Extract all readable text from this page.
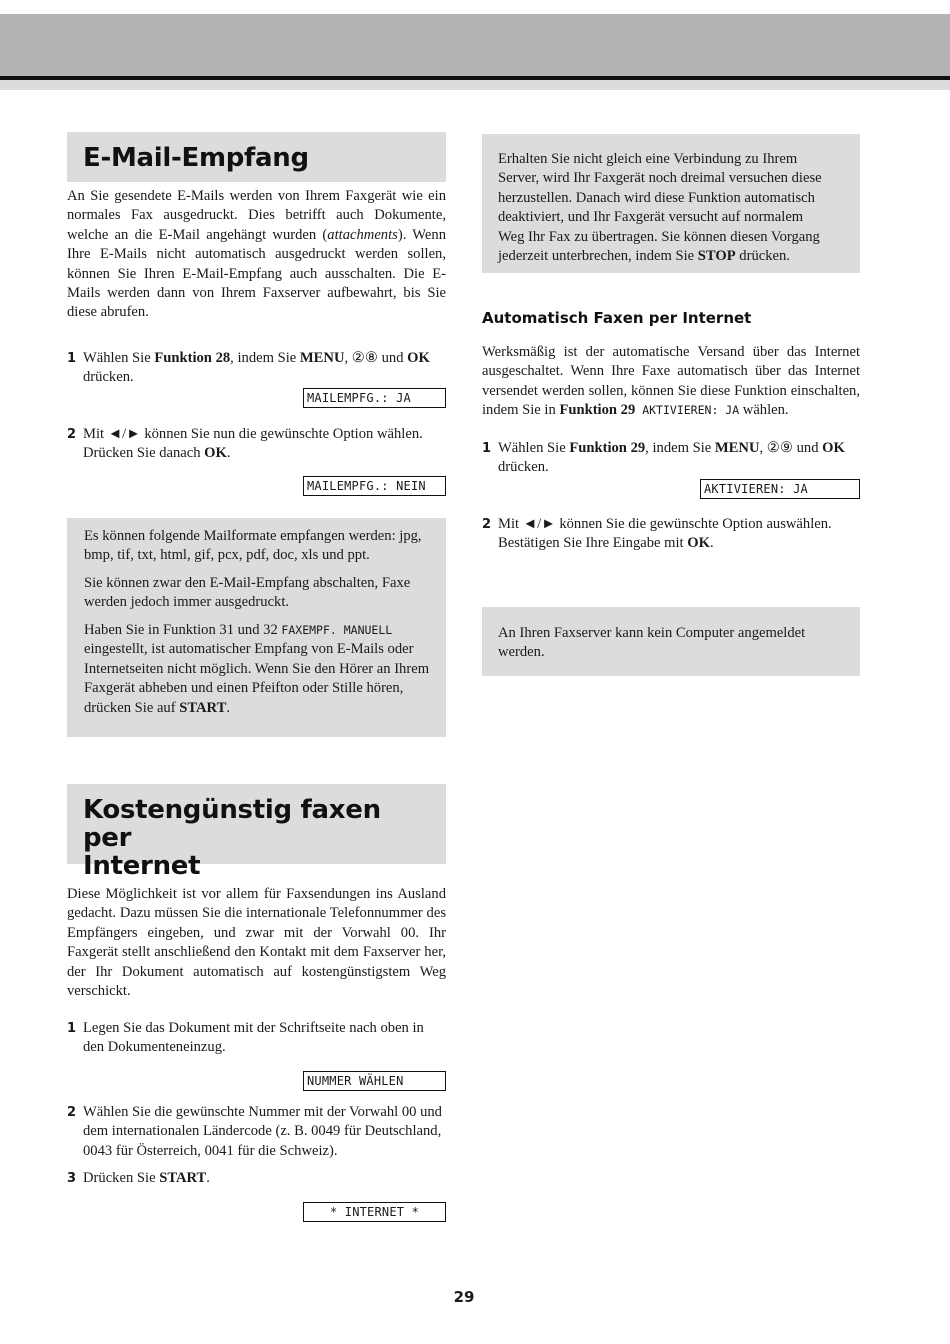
E-Mail-Empfang

An Sie gesendete E-Mails werden von Ihrem Faxgerät wie ein normales Fax ausgedruckt. Dies betrifft auch Dokumente, welche an die E-Mail angehängt wurden (attachments). Wenn Ihre E-Mails nicht automatisch ausgedruckt werden sollen, können Sie Ihren E-Mail-Empfang auch ausschalten. Die E-Mails werden dann von Ihrem Faxserver aufbewahrt, bis Sie diese abrufen.

1 Wählen Sie Funktion 28, indem Sie MENU, ②⑧ und OK drücken.
MAILEMPFG.: JA
2 Mit ◄/► können Sie nun die gewünschte Option wählen. Drücken Sie danach OK.
MAILEMPFG.: NEIN

Es können folgende Mailformate empfangen werden: jpg, bmp, tif, txt, html, gif, pcx, pdf, doc, xls und ppt.

Sie können zwar den E-Mail-Empfang abschalten, Faxe werden jedoch immer ausgedruckt.

Haben Sie in Funktion 31 und 32 FAXEMPF. MANUELL eingestellt, ist automatischer Empfang von E-Mails oder Internetseiten nicht möglich. Wenn Sie den Hörer an Ihrem Faxgerät abheben und einen Pfeifton oder Stille hören, drücken Sie auf START.

Kostengünstig faxen per
Internet

Diese Möglichkeit ist vor allem für Faxsendungen ins Ausland gedacht. Dazu müssen Sie die internationale Telefonnummer des Empfängers eingeben, und zwar mit der Vorwahl 00. Ihr Faxgerät stellt anschließend den Kontakt mit dem Faxserver her, der Ihr Dokument automatisch auf kostengünstigstem Weg verschickt.

1 Legen Sie das Dokument mit der Schriftseite nach oben in den Dokumenteneinzug.
NUMMER WÄHLEN
2 Wählen Sie die gewünschte Nummer mit der Vorwahl 00 und dem internationalen Ländercode (z. B. 0049 für Deutschland, 0043 für Österreich, 0041 für die Schweiz).
3 Drücken Sie START.
* INTERNET *

Erhalten Sie nicht gleich eine Verbindung zu Ihrem Server, wird Ihr Faxgerät noch dreimal versuchen diese herzustellen. Danach wird diese Funktion automatisch deaktiviert, und Ihr Faxgerät versucht auf normalem Weg Ihr Fax zu übertragen. Sie können diesen Vorgang jederzeit unterbrechen, indem Sie STOP drücken.

Automatisch Faxen per Internet

Werksmäßig ist der automatische Versand über das Internet ausgeschaltet. Wenn Ihre Faxe automatisch über das Internet versendet werden sollen, können Sie diese Funktion einschalten, indem Sie in Funktion 29 AKTIVIEREN: JA wählen.

1 Wählen Sie Funktion 29, indem Sie MENU, ②⑨ und OK drücken.
AKTIVIEREN: JA
2 Mit ◄/► können Sie die gewünschte Option auswählen. Bestätigen Sie Ihre Eingabe mit OK.

An Ihren Faxserver kann kein Computer angemeldet werden.

29
